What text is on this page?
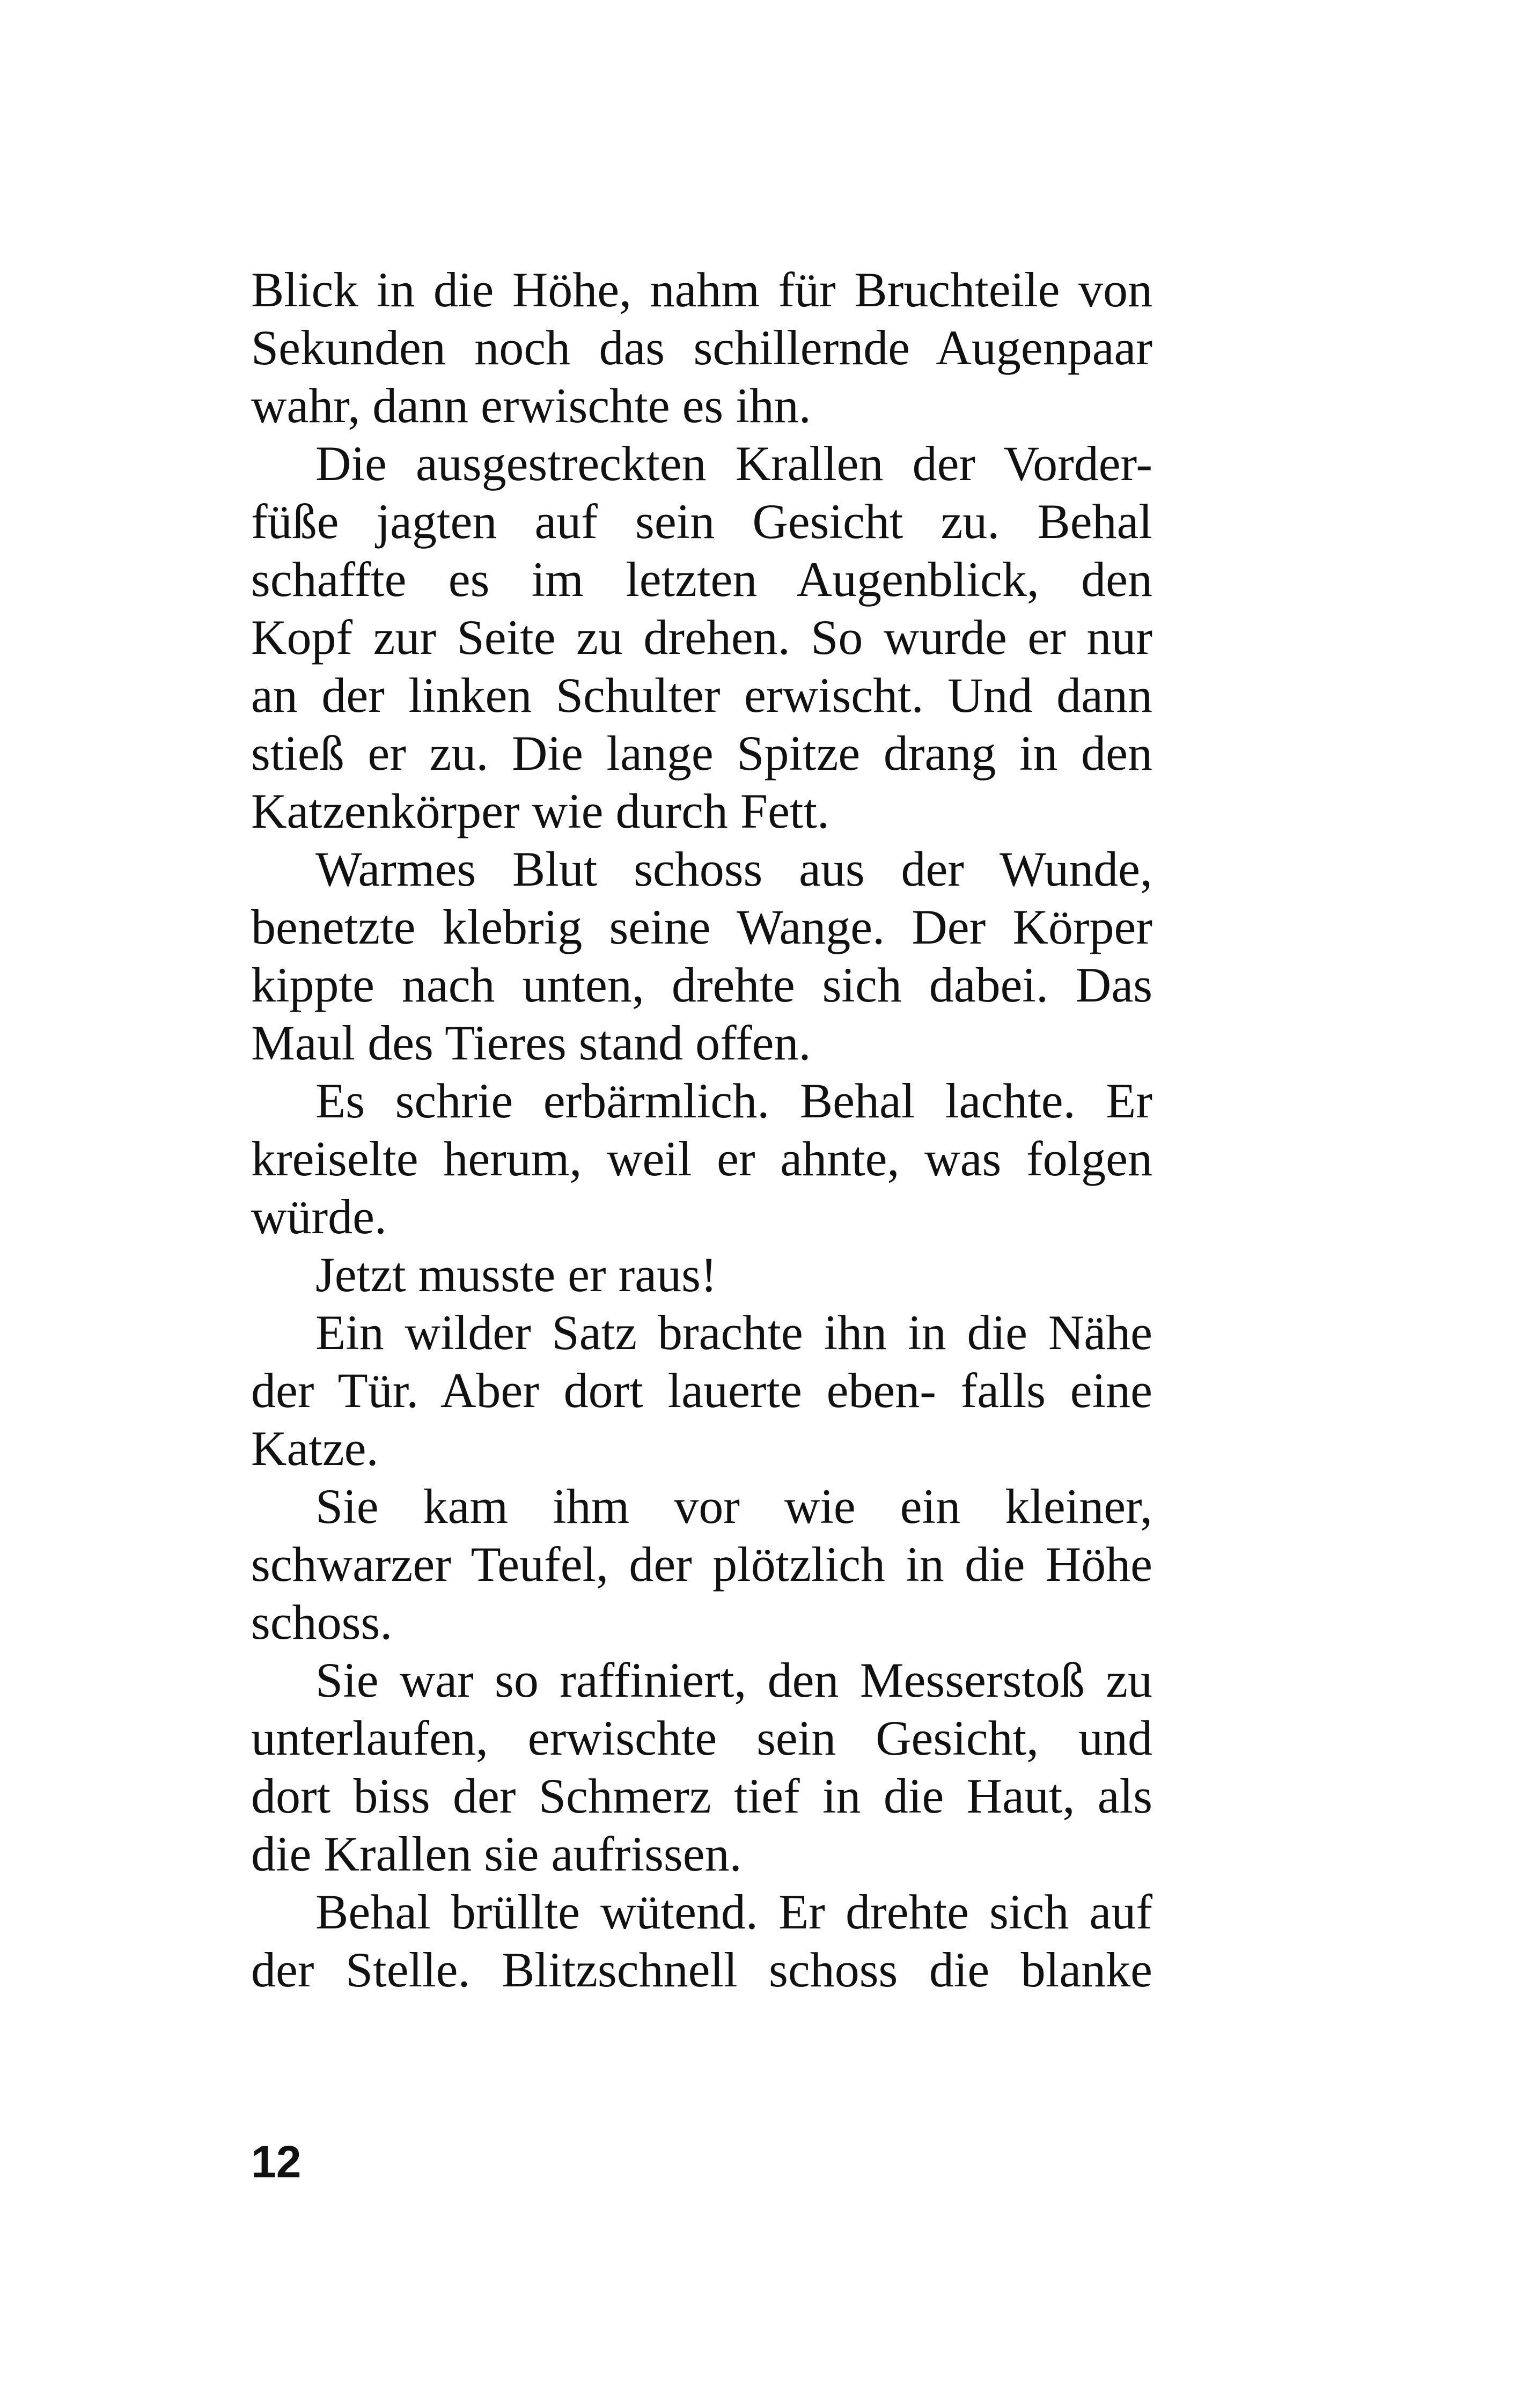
Blick in die Höhe, nahm für Bruchteile von
Sekunden noch das schillernde Augenpaar
wahr, dann erwischte es ihn.
Die ausgestreckten Krallen der Vorder-
füße jagten auf sein Gesicht zu. Behal
schaffte es im letzten Augenblick, den
Kopf zur Seite zu drehen. So wurde er nur
an der linken Schulter erwischt. Und dann
stieß er zu. Die lange Spitze drang in den
Katzenkörper wie durch Fett.
Warmes Blut schoss aus der Wunde,
benetzte klebrig seine Wange. Der Körper
kippte nach unten, drehte sich dabei. Das
Maul des Tieres stand offen.
Es schrie erbärmlich. Behal lachte. Er
kreiselte herum, weil er ahnte, was folgen
würde.
Jetzt musste er raus!
Ein wilder Satz brachte ihn in die Nähe
der Tür. Aber dort lauerte eben- falls eine
Katze.
Sie kam ihm vor wie ein kleiner,
schwarzer Teufel, der plötzlich in die Höhe
schoss.
Sie war so raffiniert, den Messerstoß zu
unterlaufen, erwischte sein Gesicht, und
dort biss der Schmerz tief in die Haut, als
die Krallen sie aufrissen.
Behal brüllte wütend. Er drehte sich auf
der Stelle. Blitzschnell schoss die blanke
12
